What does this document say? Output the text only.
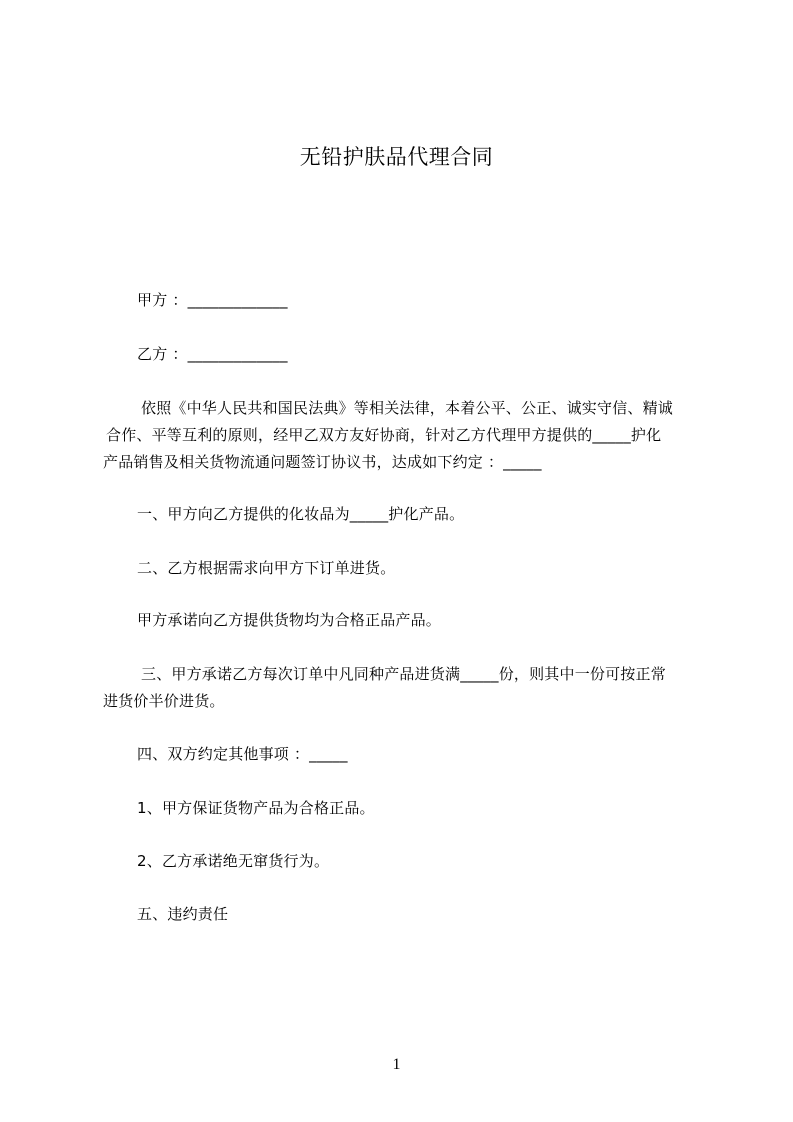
无铅护肤品代理合同
甲方 ：_____________
乙方 ：_____________
依照《中华人民共和国民法典》等相关法律，本着公平、公正、诚实守信、精诚
合作、平等互利的原则，经甲乙双方友好协商，针对乙方代理甲方提供的_____护化
产品销售及相关货物流通问题签订协议书，达成如下约定 ：_____
一、甲方向乙方提供的化妆品为_____护化产品。
二、乙方根据需求向甲方下订单进货。
甲方承诺向乙方提供货物均为合格正品产品。
三、甲方承诺乙方每次订单中凡同种产品进货满_____份，则其中一份可按正常
进货价半价进货。
四、双方约定其他事项 ：_____
1、甲方保证货物产品为合格正品。
2、乙方承诺绝无窜货行为。
五、违约责任
1
